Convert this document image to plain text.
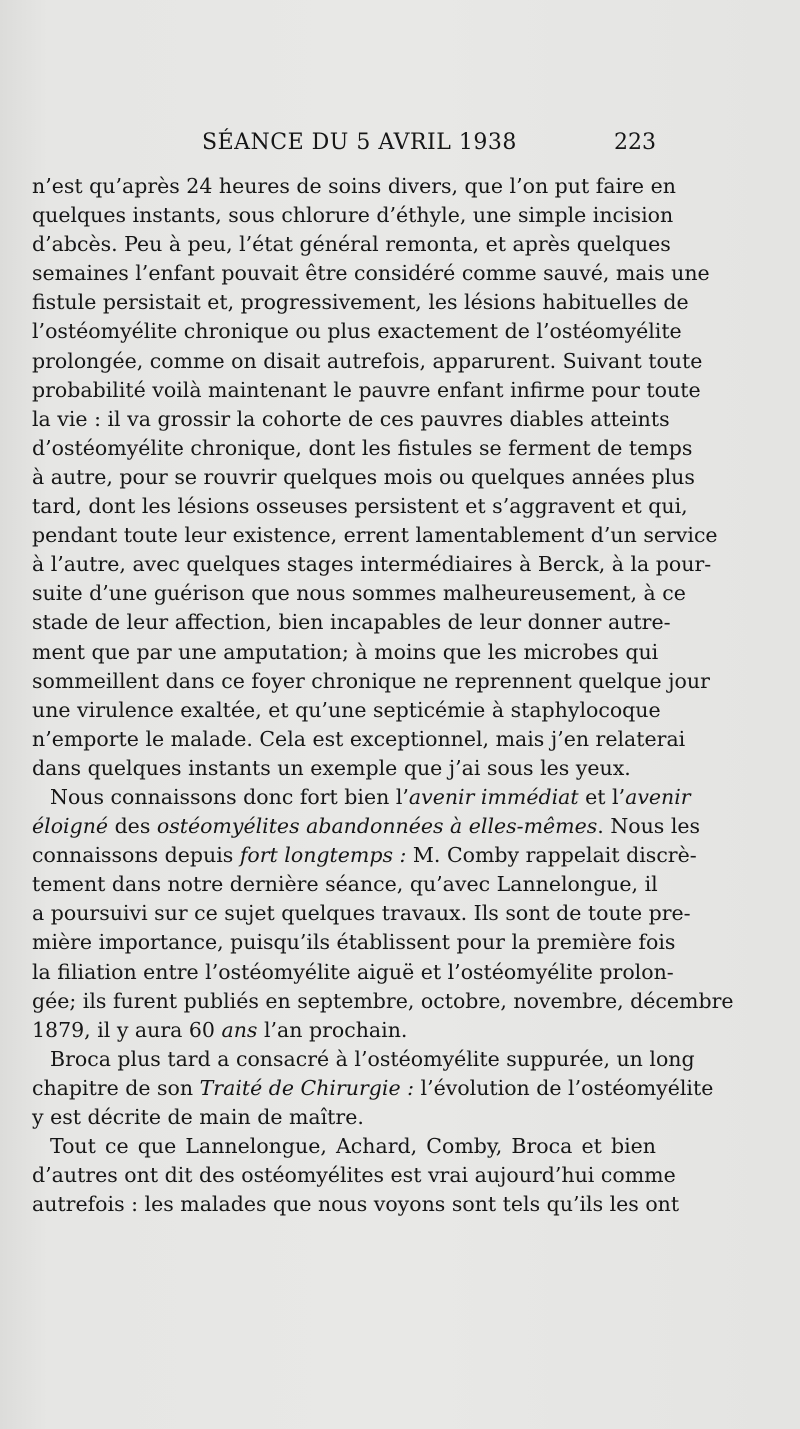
SÉANCE DU 5 AVRIL 1938	223
n’est qu’après 24 heures de soins divers, que l’on put faire en
quelques instants, sous chlorure d’éthyle, une simple incision
d’abcès. Peu à peu, l’état général remonta, et après quelques
semaines l’enfant pouvait être considéré comme sauvé, mais une
fistule persistait et, progressivement, les lésions habituelles de
l’ostéomyélite chronique ou plus exactement de l’ostéomyélite
prolongée, comme on disait autrefois, apparurent. Suivant toute
probabilité voilà maintenant le pauvre enfant infirme pour toute
la vie : il va grossir la cohorte de ces pauvres diables atteints
d’ostéomyélite chronique, dont les fistules se ferment de temps
à autre, pour se rouvrir quelques mois ou quelques années plus
tard, dont les lésions osseuses persistent et s’aggravent et qui,
pendant toute leur existence, errent lamentablement d’un service
à l’autre, avec quelques stages intermédiaires à Berck, à la pour-
suite d’une guérison que nous sommes malheureusement, à ce
stade de leur affection, bien incapables de leur donner autre-
ment que par une amputation; à moins que les microbes qui
sommeillent dans ce foyer chronique ne reprennent quelque jour
une virulence exaltée, et qu’une septicémie à staphylocoque
n’emporte le malade. Cela est exceptionnel, mais j’en relaterai
dans quelques instants un exemple que j’ai sous les yeux.
Nous connaissons donc fort bien l’avenir immédiat et l’avenir
éloigné des ostéomyélites abandonnées à elles-mêmes. Nous les
connaissons depuis fort longtemps : M. Comby rappelait discrè-
tement dans notre dernière séance, qu’avec Lannelongue, il
a poursuivi sur ce sujet quelques travaux. Ils sont de toute pre-
mière importance, puisqu’ils établissent pour la première fois
la filiation entre l’ostéomyélite aiguë et l’ostéomyélite prolon-
gée; ils furent publiés en septembre, octobre, novembre, décembre
1879, il y aura 60 ans l’an prochain.
Broca plus tard a consacré à l’ostéomyélite suppurée, un long
chapitre de son Traité de Chirurgie : l’évolution de l’ostéomyélite
y est décrite de main de maître.
Tout ce que Lannelongue, Achard, Comby, Broca et bien
d’autres ont dit des ostéomyélites est vrai aujourd’hui comme
autrefois : les malades que nous voyons sont tels qu’ils les ont
